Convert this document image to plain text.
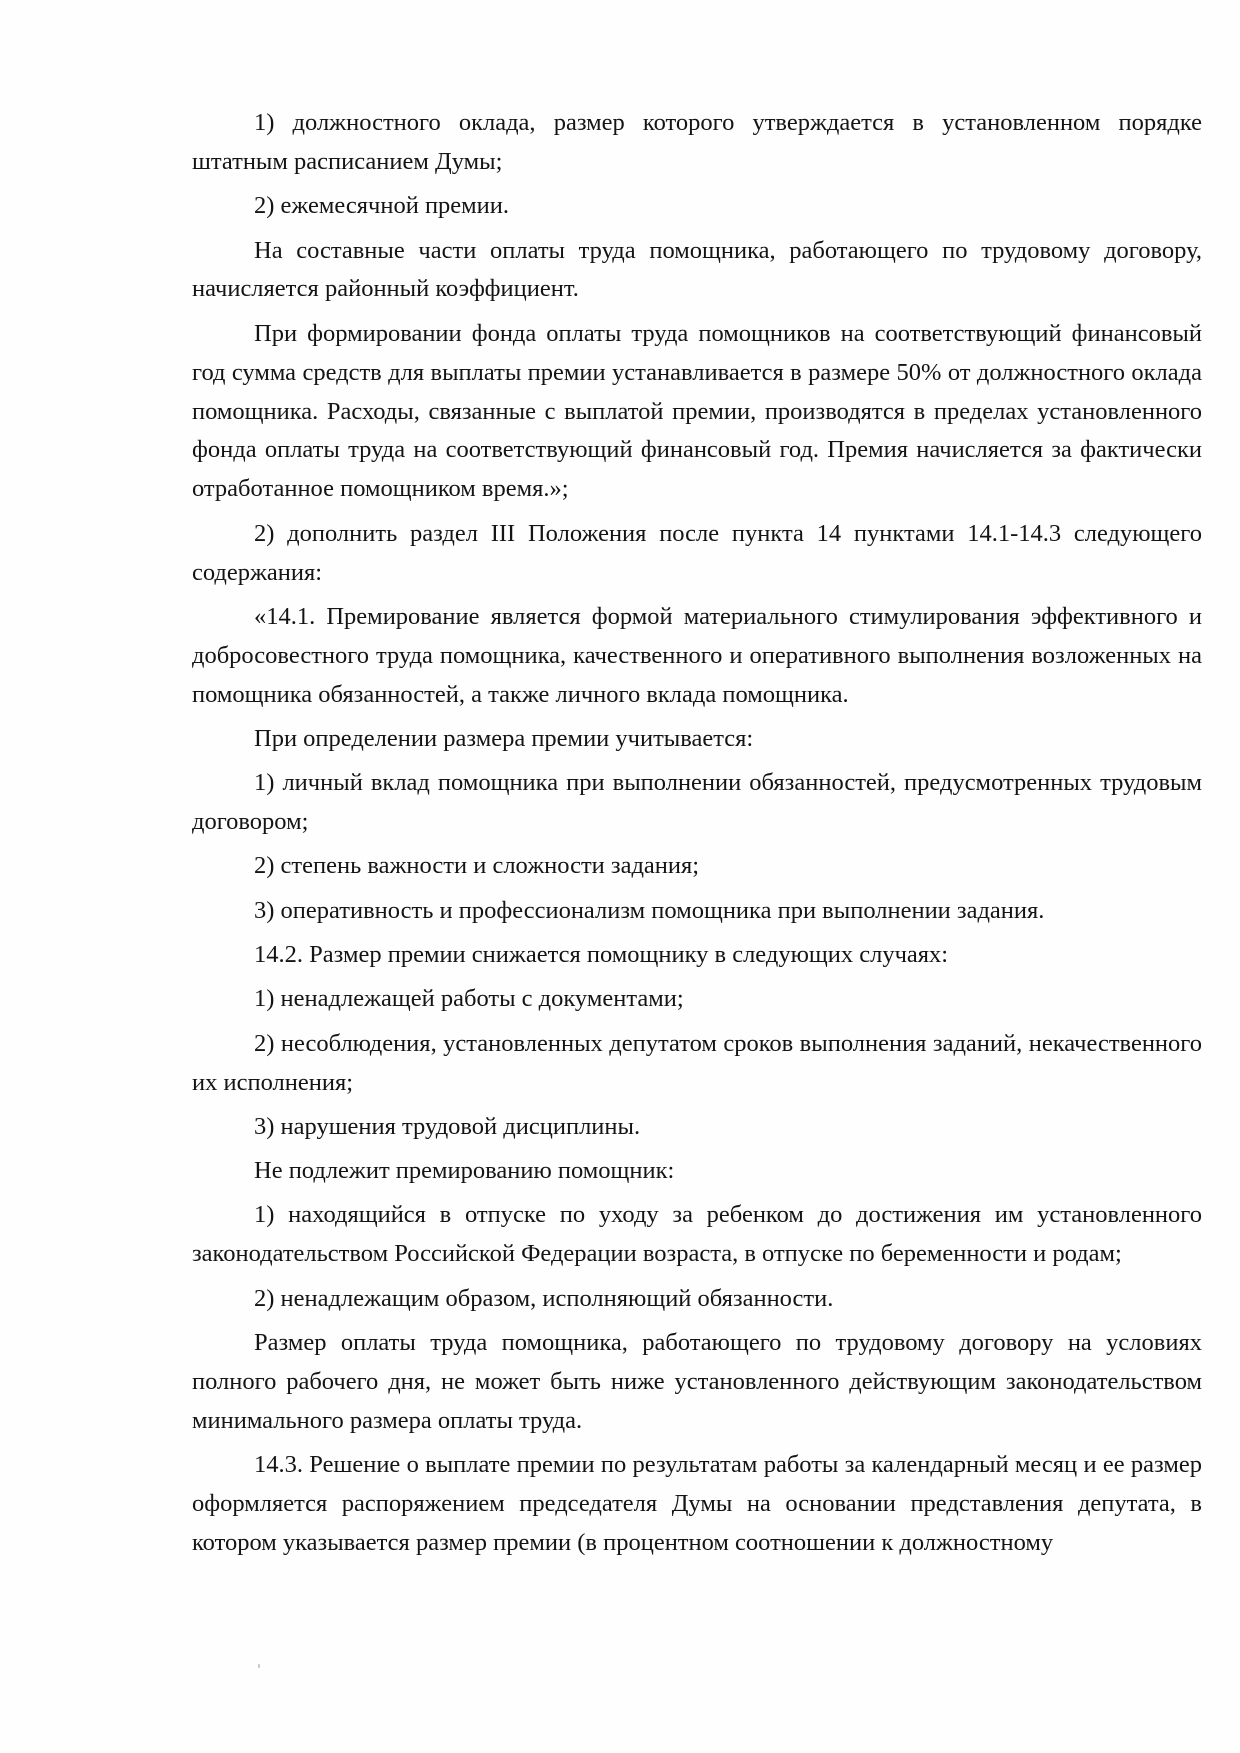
1) должностного оклада, размер которого утверждается в установленном порядке штатным расписанием Думы;

2) ежемесячной премии.

На составные части оплаты труда помощника, работающего по трудовому договору, начисляется районный коэффициент.

При формировании фонда оплаты труда помощников на соответствующий финансовый год сумма средств для выплаты премии устанавливается в размере 50% от должностного оклада помощника. Расходы, связанные с выплатой премии, производятся в пределах установленного фонда оплаты труда на соответствующий финансовый год. Премия начисляется за фактически отработанное помощником время.»;

2) дополнить раздел III Положения после пункта 14 пунктами 14.1-14.3 следующего содержания:

«14.1. Премирование является формой материального стимулирования эффективного и добросовестного труда помощника, качественного и оперативного выполнения возложенных на помощника обязанностей, а также личного вклада помощника.

При определении размера премии учитывается:

1) личный вклад помощника при выполнении обязанностей, предусмотренных трудовым договором;

2) степень важности и сложности задания;

3) оперативность и профессионализм помощника при выполнении задания.

14.2. Размер премии снижается помощнику в следующих случаях:

1) ненадлежащей работы с документами;

2) несоблюдения, установленных депутатом сроков выполнения заданий, некачественного их исполнения;

3) нарушения трудовой дисциплины.

Не подлежит премированию помощник:

1) находящийся в отпуске по уходу за ребенком до достижения им установленного законодательством Российской Федерации возраста, в отпуске по беременности и родам;

2) ненадлежащим образом, исполняющий обязанности.

Размер оплаты труда помощника, работающего по трудовому договору на условиях полного рабочего дня, не может быть ниже установленного действующим законодательством минимального размера оплаты труда.

14.3. Решение о выплате премии по результатам работы за календарный месяц и ее размер оформляется распоряжением председателя Думы на основании представления депутата, в котором указывается размер премии (в процентном соотношении к должностному
